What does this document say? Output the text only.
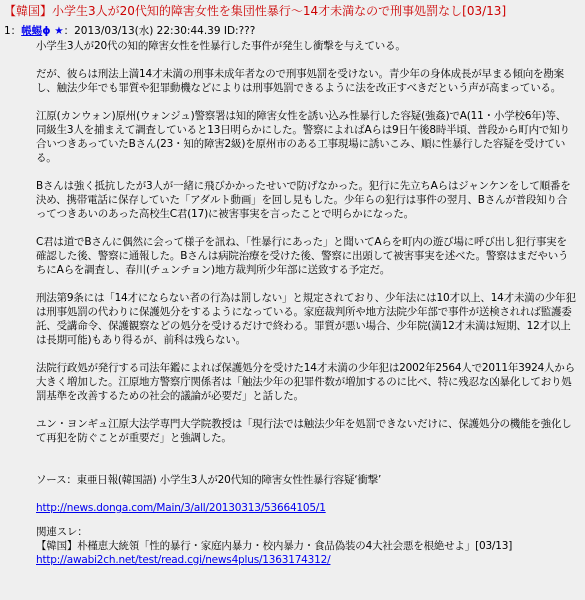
【韓国】小学生3人が20代知的障害女性を集団性暴行〜14才未満なので刑事処罰なし[03/13]
1：帳蜴ϕ ★：2013/03/13(水) 22:30:44.39 ID:???

小学生3人が20代の知的障害女性を性暴行した事件が発生し衝撃を与えている。

だが、彼らは刑法上満14才未満の刑事未成年者なので刑事処罰を受けない。青少年の身体成長が早まる傾向を勘案し、触法少年でも罪質や犯罪動機などによりは刑事処罰できるように法を改正すべきだという声が高まっている。

江原(カンウォン)原州(ウォンジュ)警察署は知的障害女性を誘い込み性暴行した容疑(強姦)でA(11・小学校6年)等、同級生3人を捕まえて調査していると13日明らかにした。警察によればAらは9日午後8時半頃、普段から町内で知り合いつきあっていたBさん(23・知的障害2級)を原州市のある工事現場に誘いこみ、順に性暴行した容疑を受けている。

Bさんは強く抵抗したが3人が一緒に飛びかかったせいで防げなかった。犯行に先立ちAらはジャンケンをして順番を決め、携帯電話に保存していた「アダルト動画」を回し見もした。少年らの犯行は事件の翌月、Bさんが普段知り合ってつきあいのあった高校生C君(17)に被害事実を言ったことで明らかになった。

C君は道でBさんに偶然に会って様子を訊ね、「性暴行にあった」と聞いてAらを町内の遊び場に呼び出し犯行事実を確認した後、警察に通報した。Bさんは病院治療を受けた後、警察に出頭して被害事実を述べた。警察はまだやいうちにAらを調査し、春川(チュンチョン)地方裁判所少年部に送致する予定だ。

刑法第9条には「14才にならない者の行為は罰しない」と規定されており、少年法には10才以上、14才未満の少年犯は刑事処罰の代わりに保護処分をするようになっている。家庭裁判所や地方法院少年部で事件が送検されれば監護委託、受講命令、保護観察などの処分を受けるだけで終わる。罪質が悪い場合、少年院(満12才未満は短期、12才以上は長期可能)もあり得るが、前科は残らない。

法院行政処が発行する司法年鑑によれば保護処分を受けた14才未満の少年犯は2002年2564人で2011年3924人から大きく増加した。江原地方警察庁関係者は「触法少年の犯罪件数が増加するのに比べ、特に残忍な凶暴化しており処罰基準を改善するための社会的議論が必要だ」と話した。

ユン・ヨンギュ江原大法学専門大学院教授は「現行法では触法少年を処罰できないだけに、保護処分の機能を強化して再犯を防ぐことが重要だ」と強調した。

ソース：東亜日報(韓国語) 小学生3人が20代知的障害女性性暴行容疑‘衝撃’

http://news.donga.com/Main/3/all/20130313/53664105/1

関連スレ：
【韓国】朴槿恵大統領「性的暴行・家庭内暴力・校内暴力・食品偽装の4大社会悪を根絶せよ」[03/13]
http://awabi2ch.net/test/read.cgi/news4plus/1363174312/
